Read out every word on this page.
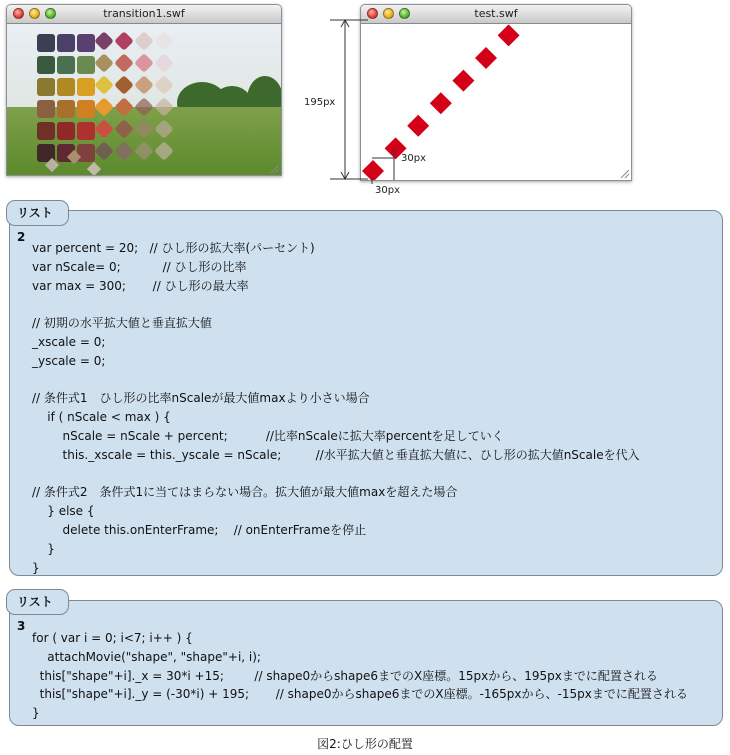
transition1.swf	test.swf
195px
30px
30px
var percent = 20;   // ひし形の拡大率(パーセント)
var nScale= 0;           // ひし形の比率
var max = 300;       // ひし形の最大率
// 初期の水平拡大値と垂直拡大値
_xscale = 0;
_yscale = 0;
// 条件式1　ひし形の比率nScaleが最大値maxより小さい場合
if ( nScale < max ) {
nScale = nScale + percent;          //比率nScaleに拡大率percentを足していく
this._xscale = this._yscale = nScale;         //水平拡大値と垂直拡大値に、ひし形の拡大値nScaleを代入
// 条件式2　条件式1に当てはまらない場合。拡大値が最大値maxを超えた場合
} else {
delete this.onEnterFrame;    // onEnterFrameを停止
}
}
リスト2
for ( var i = 0; i<7; i++ ) {
attachMovie("shape", "shape"+i, i);
this["shape"+i]._x = 30*i +15;        // shape0からshape6までのX座標。15pxから、195pxまでに配置される
this["shape"+i]._y = (-30*i) + 195;       // shape0からshape6までのX座標。-165pxから、-15pxまでに配置される
}
リスト3
図2:ひし形の配置
